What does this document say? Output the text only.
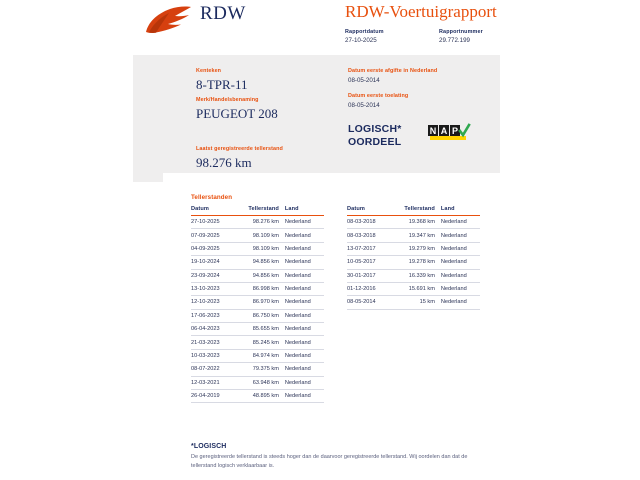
RDW	RDW-Voertuigrapport
Rapportdatum
27-10-2025
Rapportnummer
29.772.199
Kenteken
8-TPR-11
Merk/Handelsbenaming
PEUGEOT 208
Laatst geregistreerde tellerstand
98.276 km
Datum eerste afgifte in Nederland
08-05-2014
Datum eerste toelating
08-05-2014
LOGISCH*
OORDEEL
N A P
Tellerstanden
Datum	Tellerstand	Land
27-10-2025	98.276 km	Nederland
07-09-2025	98.109 km	Nederland
04-09-2025	98.109 km	Nederland
19-10-2024	94.856 km	Nederland
23-09-2024	94.856 km	Nederland
13-10-2023	86.998 km	Nederland
12-10-2023	86.970 km	Nederland
17-06-2023	86.750 km	Nederland
06-04-2023	85.655 km	Nederland
21-03-2023	85.245 km	Nederland
10-03-2023	84.974 km	Nederland
08-07-2022	79.375 km	Nederland
12-03-2021	63.948 km	Nederland
26-04-2019	48.895 km	Nederland
Datum	Tellerstand	Land
08-03-2018	19.368 km	Nederland
08-03-2018	19.347 km	Nederland
13-07-2017	19.279 km	Nederland
10-05-2017	19.278 km	Nederland
30-01-2017	16.339 km	Nederland
01-12-2016	15.691 km	Nederland
08-05-2014	15 km	Nederland
*LOGISCH
De geregistreerde tellerstand is steeds hoger dan de daarvoor geregistreerde tellerstand. Wij oordelen dan dat de tellerstand logisch verklaarbaar is.
